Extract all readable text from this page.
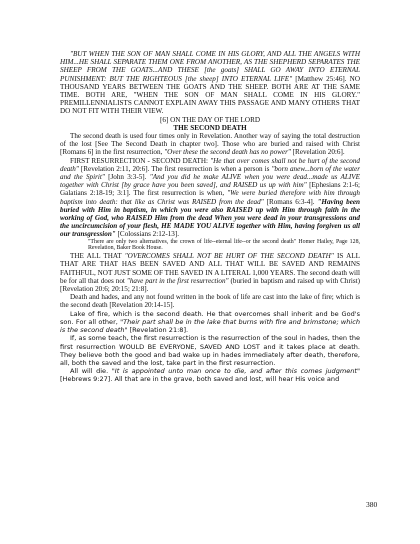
"BUT WHEN THE SON OF MAN SHALL COME IN HIS GLORY, AND ALL THE ANGELS WITH HIM...HE SHALL SEPARATE THEM ONE FROM ANOTHER, AS THE SHEPHERD SEPARATES THE SHEEP FROM THE GOATS...AND THESE [the goats] SHALL GO AWAY INTO ETERNAL PUNISHMENT: BUT THE RIGHTEOUS [the sheep] INTO ETERNAL LIFE" [Matthew 25:46]. NO THOUSAND YEARS BETWEEN THE GOATS AND THE SHEEP. BOTH ARE AT THE SAME TIME. BOTH ARE, "WHEN THE SON OF MAN SHALL COME IN HIS GLORY." PREMILLENNIALISTS CANNOT EXPLAIN AWAY THIS PASSAGE AND MANY OTHERS THAT DO NOT FIT WITH THEIR VIEW.

[6] ON THE DAY OF THE LORD

THE SECOND DEATH

The second death is used four times only in Revelation. Another way of saying the total destruction of the lost [See The Second Death in chapter two]. Those who are buried and raised with Christ [Romans 6] in the first resurrection, "Over these the second death has no power" [Revelation 20:6].

FIRST RESURRECTION - SECOND DEATH: "He that over comes shall not be hurt of the second death" [Revelation 2:11, 20:6]. The first resurrection is when a person is "born anew...born of the water and the Spirit" [John 3:3-5]. "And you did he make ALIVE when you were dead...made us ALIVE together with Christ [by grace have you been saved], and RAISED us up with him" [Ephesians 2:1-6; Galatians 2:18-19; 3:1]. The first resurrection is when, "We were buried therefore with him through baptism into death: that like as Christ was RAISED from the dead" [Romans 6:3-4]. "Having been buried with Him in baptism, in which you were also RAISED up with Him through faith in the working of God, who RAISED Him from the dead When you were dead in your transgressions and the uncircumcision of your flesh, HE MADE YOU ALIVE together with Him, having forgiven us all our transgression" [Colossians 2:12-13].

"There are only two alternatives, the crown of life--eternal life--or the second death" Homer Hailey, Page 128, Revelation, Baker Book House.

THE ALL THAT "OVERCOMES SHALL NOT BE HURT OF THE SECOND DEATH" IS ALL THAT ARE THAT HAS BEEN SAVED AND ALL THAT WILL BE SAVED AND REMAINS FAITHFUL, NOT JUST SOME OF THE SAVED IN A LITERAL 1,000 YEARS. The second death will be for all that does not "have part in the first resurrection" (buried in baptism and raised up with Christ) [Revelation 20:6; 20:15; 21:8].

Death and hades, and any not found written in the book of life are cast into the lake of fire; which is the second death [Revelation 20:14-15].

Lake of fire, which is the second death. He that overcomes shall inherit and be God's son. For all other, "Their part shall be in the lake that burns with fire and brimstone; which is the second death" [Revelation 21:8].

If, as some teach, the first resurrection is the resurrection of the soul in hades, then the first resurrection WOULD BE EVERYONE, SAVED AND LOST and it takes place at death. They believe both the good and bad wake up in hades immediately after death, therefore, all, both the saved and the lost, take part in the first resurrection.

All will die. "It is appointed unto man once to die, and after this comes judgment" [Hebrews 9:27]. All that are in the grave, both saved and lost, will hear His voice and

380
